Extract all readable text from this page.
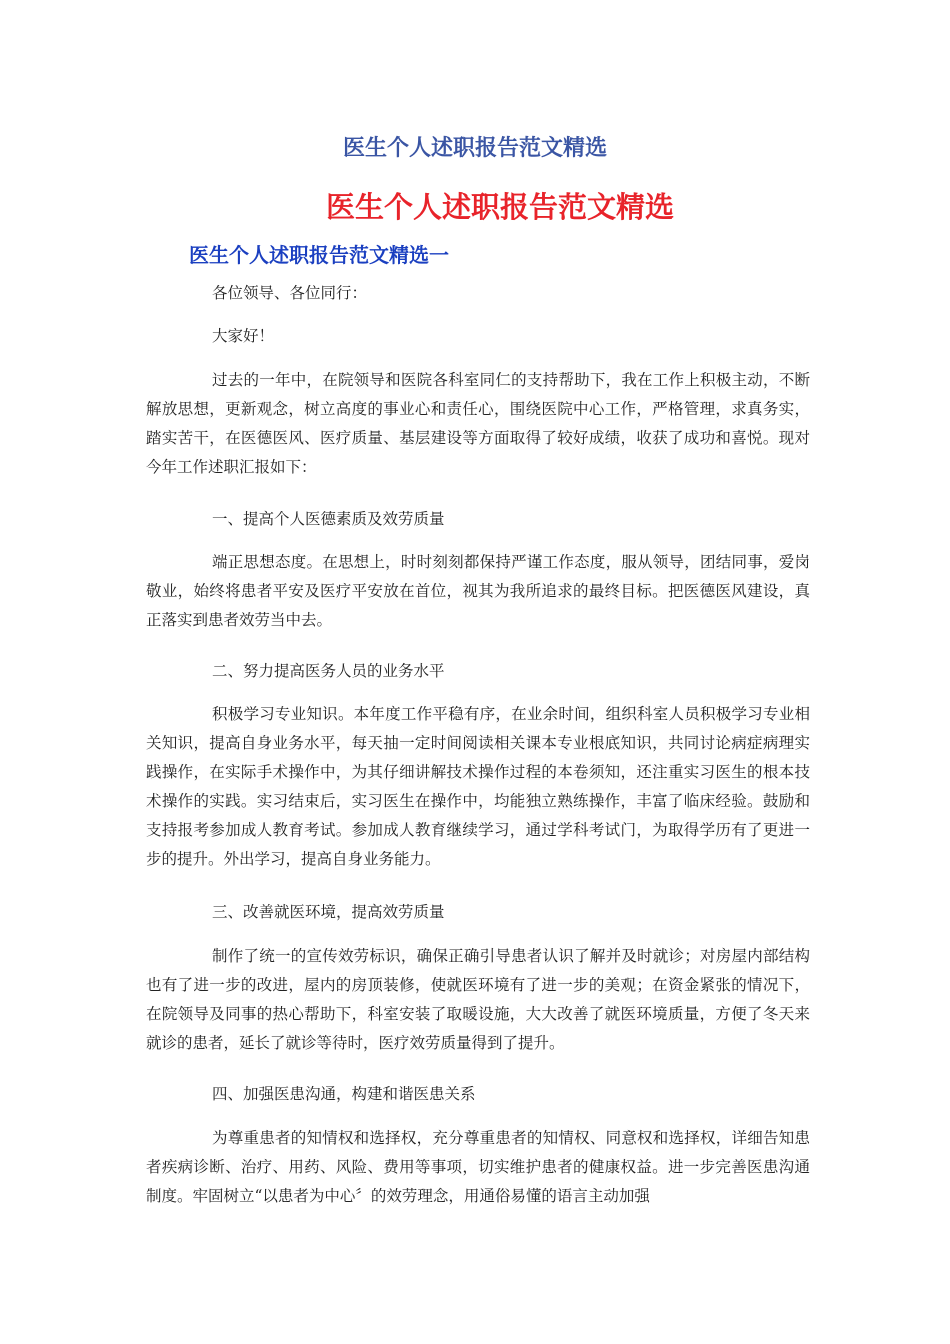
医生个人述职报告范文精选
医生个人述职报告范文精选
医生个人述职报告范文精选一

各位领导、各位同行：

大家好！

过去的一年中，在院领导和医院各科室同仁的支持帮助下，我在工作上积极主动，不断解放思想，更新观念，树立高度的事业心和责任心，围绕医院中心工作，严格管理，求真务实，踏实苦干，在医德医风、医疗质量、基层建设等方面取得了较好成绩，收获了成功和喜悦。现对今年工作述职汇报如下：

一、提高个人医德素质及效劳质量

端正思想态度。在思想上，时时刻刻都保持严谨工作态度，服从领导，团结同事，爱岗敬业，始终将患者平安及医疗平安放在首位，视其为我所追求的最终目标。把医德医风建设，真正落实到患者效劳当中去。

二、努力提高医务人员的业务水平

积极学习专业知识。本年度工作平稳有序，在业余时间，组织科室人员积极学习专业相关知识，提高自身业务水平，每天抽一定时间阅读相关课本专业根底知识，共同讨论病症病理实践操作，在实际手术操作中，为其仔细讲解技术操作过程的本卷须知，还注重实习医生的根本技术操作的实践。实习结束后，实习医生在操作中，均能独立熟练操作，丰富了临床经验。鼓励和支持报考参加成人教育考试。参加成人教育继续学习，通过学科考试门，为取得学历有了更进一步的提升。外出学习，提高自身业务能力。

三、改善就医环境，提高效劳质量

制作了统一的宣传效劳标识，确保正确引导患者认识了解并及时就诊；对房屋内部结构也有了进一步的改进，屋内的房顶装修，使就医环境有了进一步的美观；在资金紧张的情况下，在院领导及同事的热心帮助下，科室安装了取暖设施，大大改善了就医环境质量，方便了冬天来就诊的患者，延长了就诊等待时，医疗效劳质量得到了提升。

四、加强医患沟通，构建和谐医患关系

为尊重患者的知情权和选择权，充分尊重患者的知情权、同意权和选择权，详细告知患者疾病诊断、治疗、用药、风险、费用等事项，切实维护患者的健康权益。进一步完善医患沟通制度。牢固树立“以患者为中心〞的效劳理念，用通俗易懂的语言主动加强
